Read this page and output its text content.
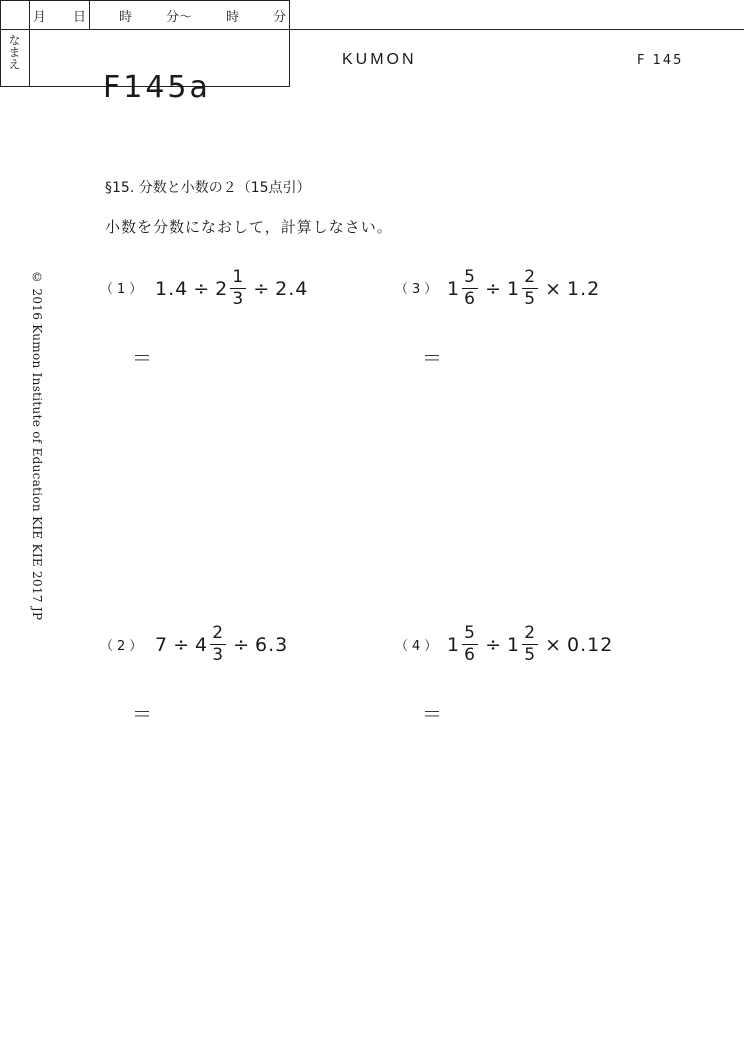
F145a
KUMON	F 145
月 日	時	分～	時	分
なまえ
§15. 分数と小数の２（15点引）
小数を分数になおして，計算しなさい。
（1） $1.4 \div 2 \frac{1}{3} \div 2.4$
＝
（3） $1 \frac{5}{6} \div 1 \frac{2}{5} \times 1.2$
＝
（2） $7 \div 4 \frac{2}{3} \div 6.3$
＝
（4） $1 \frac{5}{6} \div 1 \frac{2}{5} \times 0.12$
＝
© 2016 Kumon Institute of Education KIE KIE 2017 JP
